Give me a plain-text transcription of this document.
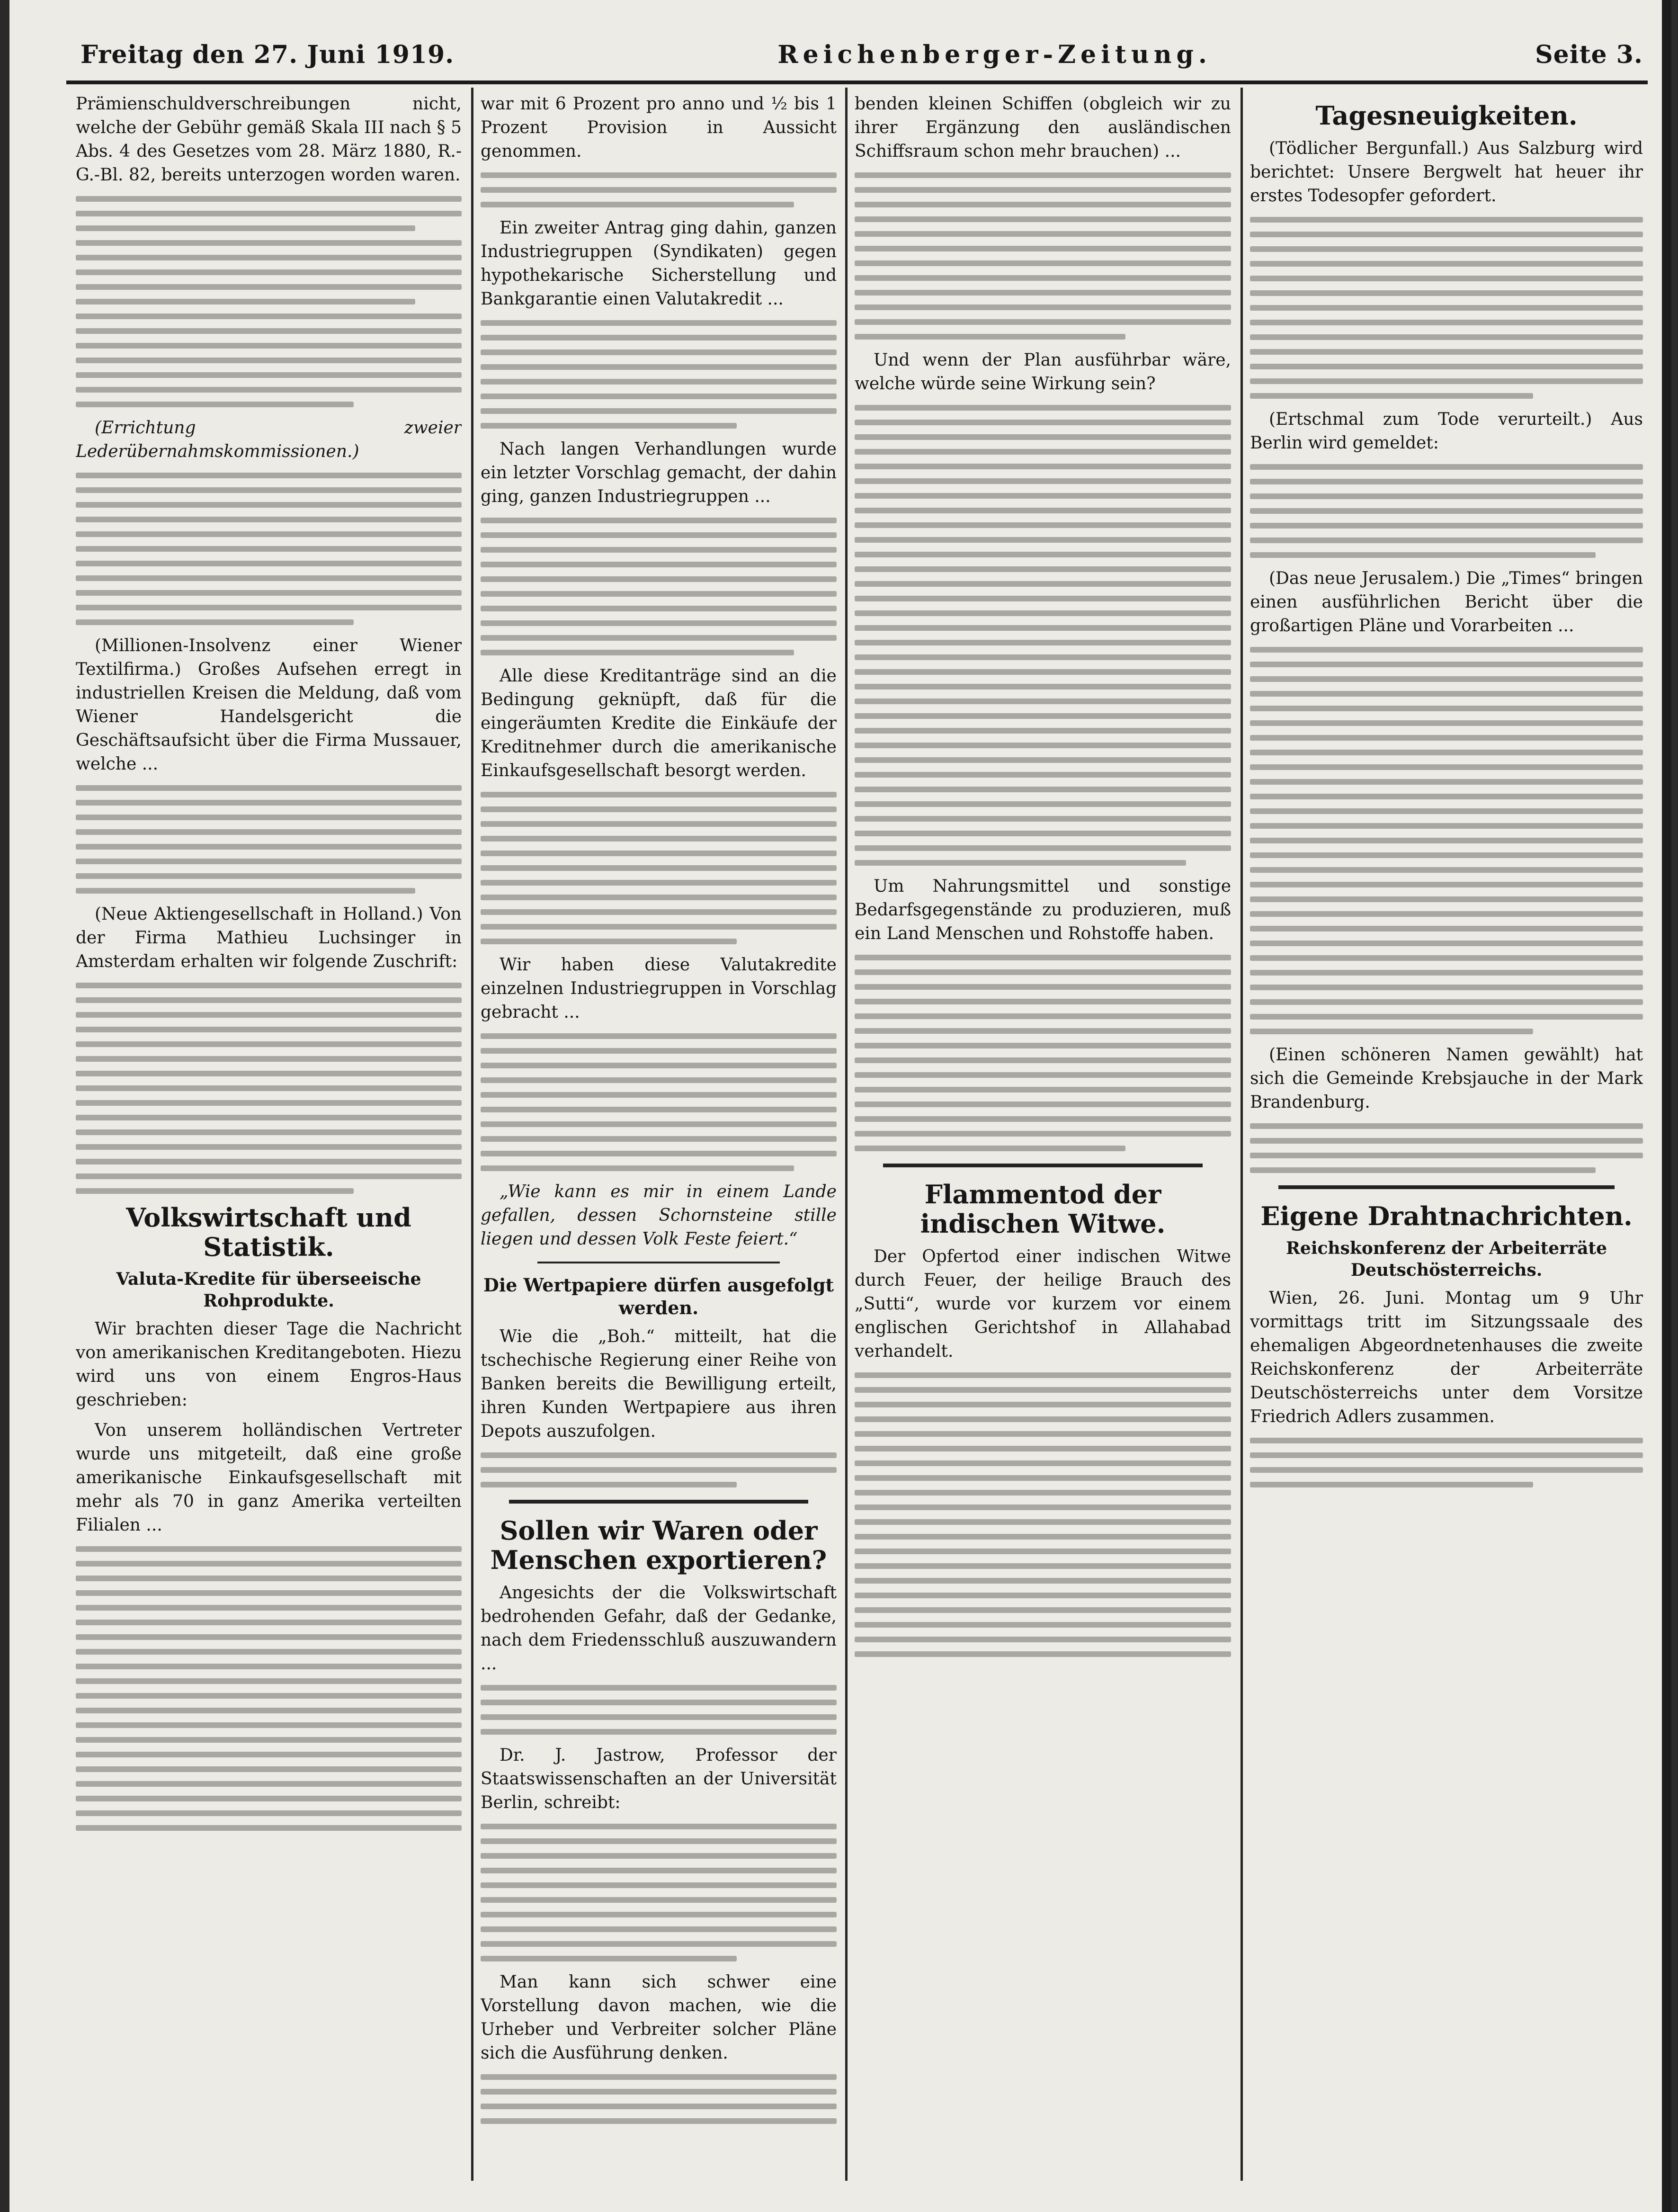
Freitag den 27. Juni 1919.	Reichenberger-Zeitung.	Seite 3.

Prämienschuldverschreibungen nicht, welche der Gebühr gemäß Skala III nach § 5 Abs. 4 des Gesetzes vom 28. März 1880, R.-G.-Bl. 82, bereits unterzogen worden waren.

(Errichtung zweier Lederübernahmskommissionen.)

(Millionen-Insolvenz einer Wiener Textilfirma.) Großes Aufsehen erregt in industriellen Kreisen die Meldung, daß vom Wiener Handelsgericht die Geschäftsaufsicht über die Firma Mussauer, welche ...

(Neue Aktiengesellschaft in Holland.) Von der Firma Mathieu Luchsinger in Amsterdam erhalten wir folgende Zuschrift:

Volkswirtschaft und Statistik.
Valuta-Kredite für überseeische Rohprodukte.

Wir brachten dieser Tage die Nachricht von amerikanischen Kreditangeboten. Hiezu wird uns von einem Engros-Haus geschrieben:

Von unserem holländischen Vertreter wurde uns mitgeteilt, daß eine große amerikanische Einkaufsgesellschaft mit mehr als 70 in ganz Amerika verteilten Filialen ...

war mit 6 Prozent pro anno und ½ bis 1 Prozent Provision in Aussicht genommen.

Ein zweiter Antrag ging dahin, ganzen Industriegruppen (Syndikaten) gegen hypothekarische Sicherstellung und Bankgarantie einen Valutakredit ...

Nach langen Verhandlungen wurde ein letzter Vorschlag gemacht, der dahin ging, ganzen Industriegruppen ...

Alle diese Kreditanträge sind an die Bedingung geknüpft, daß für die eingeräumten Kredite die Einkäufe der Kreditnehmer durch die amerikanische Einkaufsgesellschaft besorgt werden.

Wir haben diese Valutakredite einzelnen Industriegruppen in Vorschlag gebracht ...

„Wie kann es mir in einem Lande gefallen, dessen Schornsteine stille liegen und dessen Volk Feste feiert.“

Die Wertpapiere dürfen ausgefolgt werden.

Wie die „Boh.“ mitteilt, hat die tschechische Regierung einer Reihe von Banken bereits die Bewilligung erteilt, ihren Kunden Wertpapiere aus ihren Depots auszufolgen.

Sollen wir Waren oder Menschen exportieren?

Angesichts der die Volkswirtschaft bedrohenden Gefahr, daß der Gedanke, nach dem Friedensschluß auszuwandern ...

Dr. J. Jastrow, Professor der Staatswissenschaften an der Universität Berlin, schreibt:

Man kann sich schwer eine Vorstellung davon machen, wie die Urheber und Verbreiter solcher Pläne sich die Ausführung denken.

benden kleinen Schiffen (obgleich wir zu ihrer Ergänzung den ausländischen Schiffsraum schon mehr brauchen) ...

Und wenn der Plan ausführbar wäre, welche würde seine Wirkung sein?

Um Nahrungsmittel und sonstige Bedarfsgegenstände zu produzieren, muß ein Land Menschen und Rohstoffe haben.

Flammentod der indischen Witwe.

Der Opfertod einer indischen Witwe durch Feuer, der heilige Brauch des „Sutti“, wurde vor kurzem vor einem englischen Gerichtshof in Allahabad verhandelt.

Tagesneuigkeiten.

(Tödlicher Bergunfall.) Aus Salzburg wird berichtet: Unsere Bergwelt hat heuer ihr erstes Todesopfer gefordert.

(Ertschmal zum Tode verurteilt.) Aus Berlin wird gemeldet:

(Das neue Jerusalem.) Die „Times“ bringen einen ausführlichen Bericht über die großartigen Pläne und Vorarbeiten ...

(Einen schöneren Namen gewählt) hat sich die Gemeinde Krebsjauche in der Mark Brandenburg.

Eigene Drahtnachrichten.
Reichskonferenz der Arbeiterräte Deutschösterreichs.

Wien, 26. Juni. Montag um 9 Uhr vormittags tritt im Sitzungssaale des ehemaligen Abgeordnetenhauses die zweite Reichskonferenz der Arbeiterräte Deutschösterreichs unter dem Vorsitze Friedrich Adlers zusammen.
